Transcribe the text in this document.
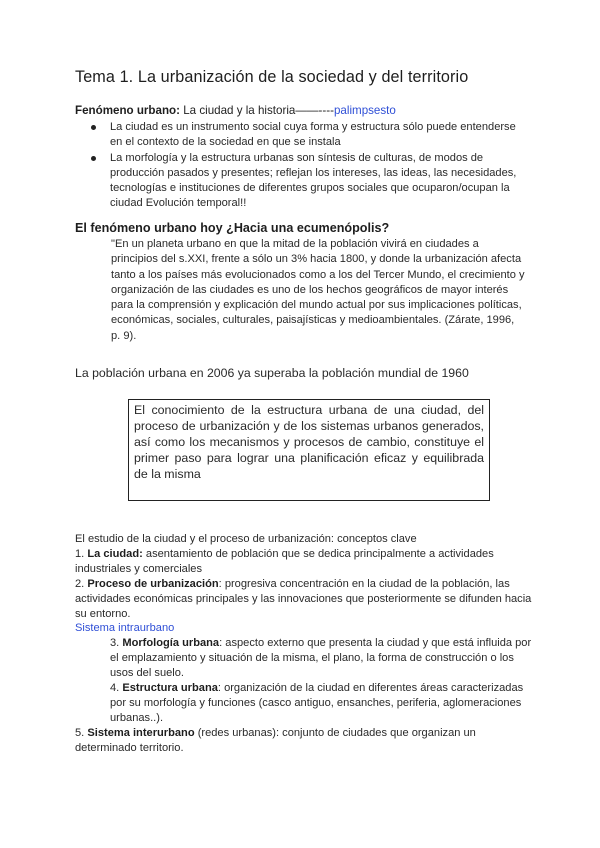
Tema 1. La urbanización de la sociedad y del territorio
Fenómeno urbano: La ciudad y la historia——----palimpsesto
La ciudad es un instrumento social cuya forma y estructura sólo puede entenderse en el contexto de la sociedad en que se instala
La morfología y la estructura urbanas son síntesis de culturas, de modos de producción pasados y presentes; reflejan los intereses, las ideas, las necesidades, tecnologías e instituciones de diferentes grupos sociales que ocuparon/ocupan la ciudad Evolución temporal!!
El fenómeno urbano hoy ¿Hacia una ecumenópolis?
"En un planeta urbano en que la mitad de la población vivirá en ciudades a principios del s.XXI, frente a sólo un 3% hacia 1800, y donde la urbanización afecta tanto a los países más evolucionados como a los del Tercer Mundo, el crecimiento y organización de las ciudades es uno de los hechos geográficos de mayor interés para la comprensión y explicación del mundo actual por sus implicaciones políticas, económicas, sociales, culturales, paisajísticas y medioambientales. (Zárate, 1996, p. 9).
La población urbana en 2006 ya superaba la población mundial de 1960
El conocimiento de la estructura urbana de una ciudad, del proceso de urbanización y de los sistemas urbanos generados, así como los mecanismos y procesos de cambio, constituye el primer paso para lograr una planificación eficaz y equilibrada de la misma

El estudio de la ciudad y el proceso de urbanización: conceptos clave

1. La ciudad: asentamiento de población que se dedica principalmente a actividades industriales y comerciales

2. Proceso de urbanización: progresiva concentración en la ciudad de la población, las actividades económicas principales y las innovaciones que posteriormente se difunden hacia su entorno.

Sistema intraurbano

3. Morfología urbana: aspecto externo que presenta la ciudad y que está influida por el emplazamiento y situación de la misma, el plano, la forma de construcción o los usos del suelo.

4. Estructura urbana: organización de la ciudad en diferentes áreas caracterizadas por su morfología y funciones (casco antiguo, ensanches, periferia, aglomeraciones urbanas..).

5. Sistema interurbano (redes urbanas): conjunto de ciudades que organizan un determinado territorio.
